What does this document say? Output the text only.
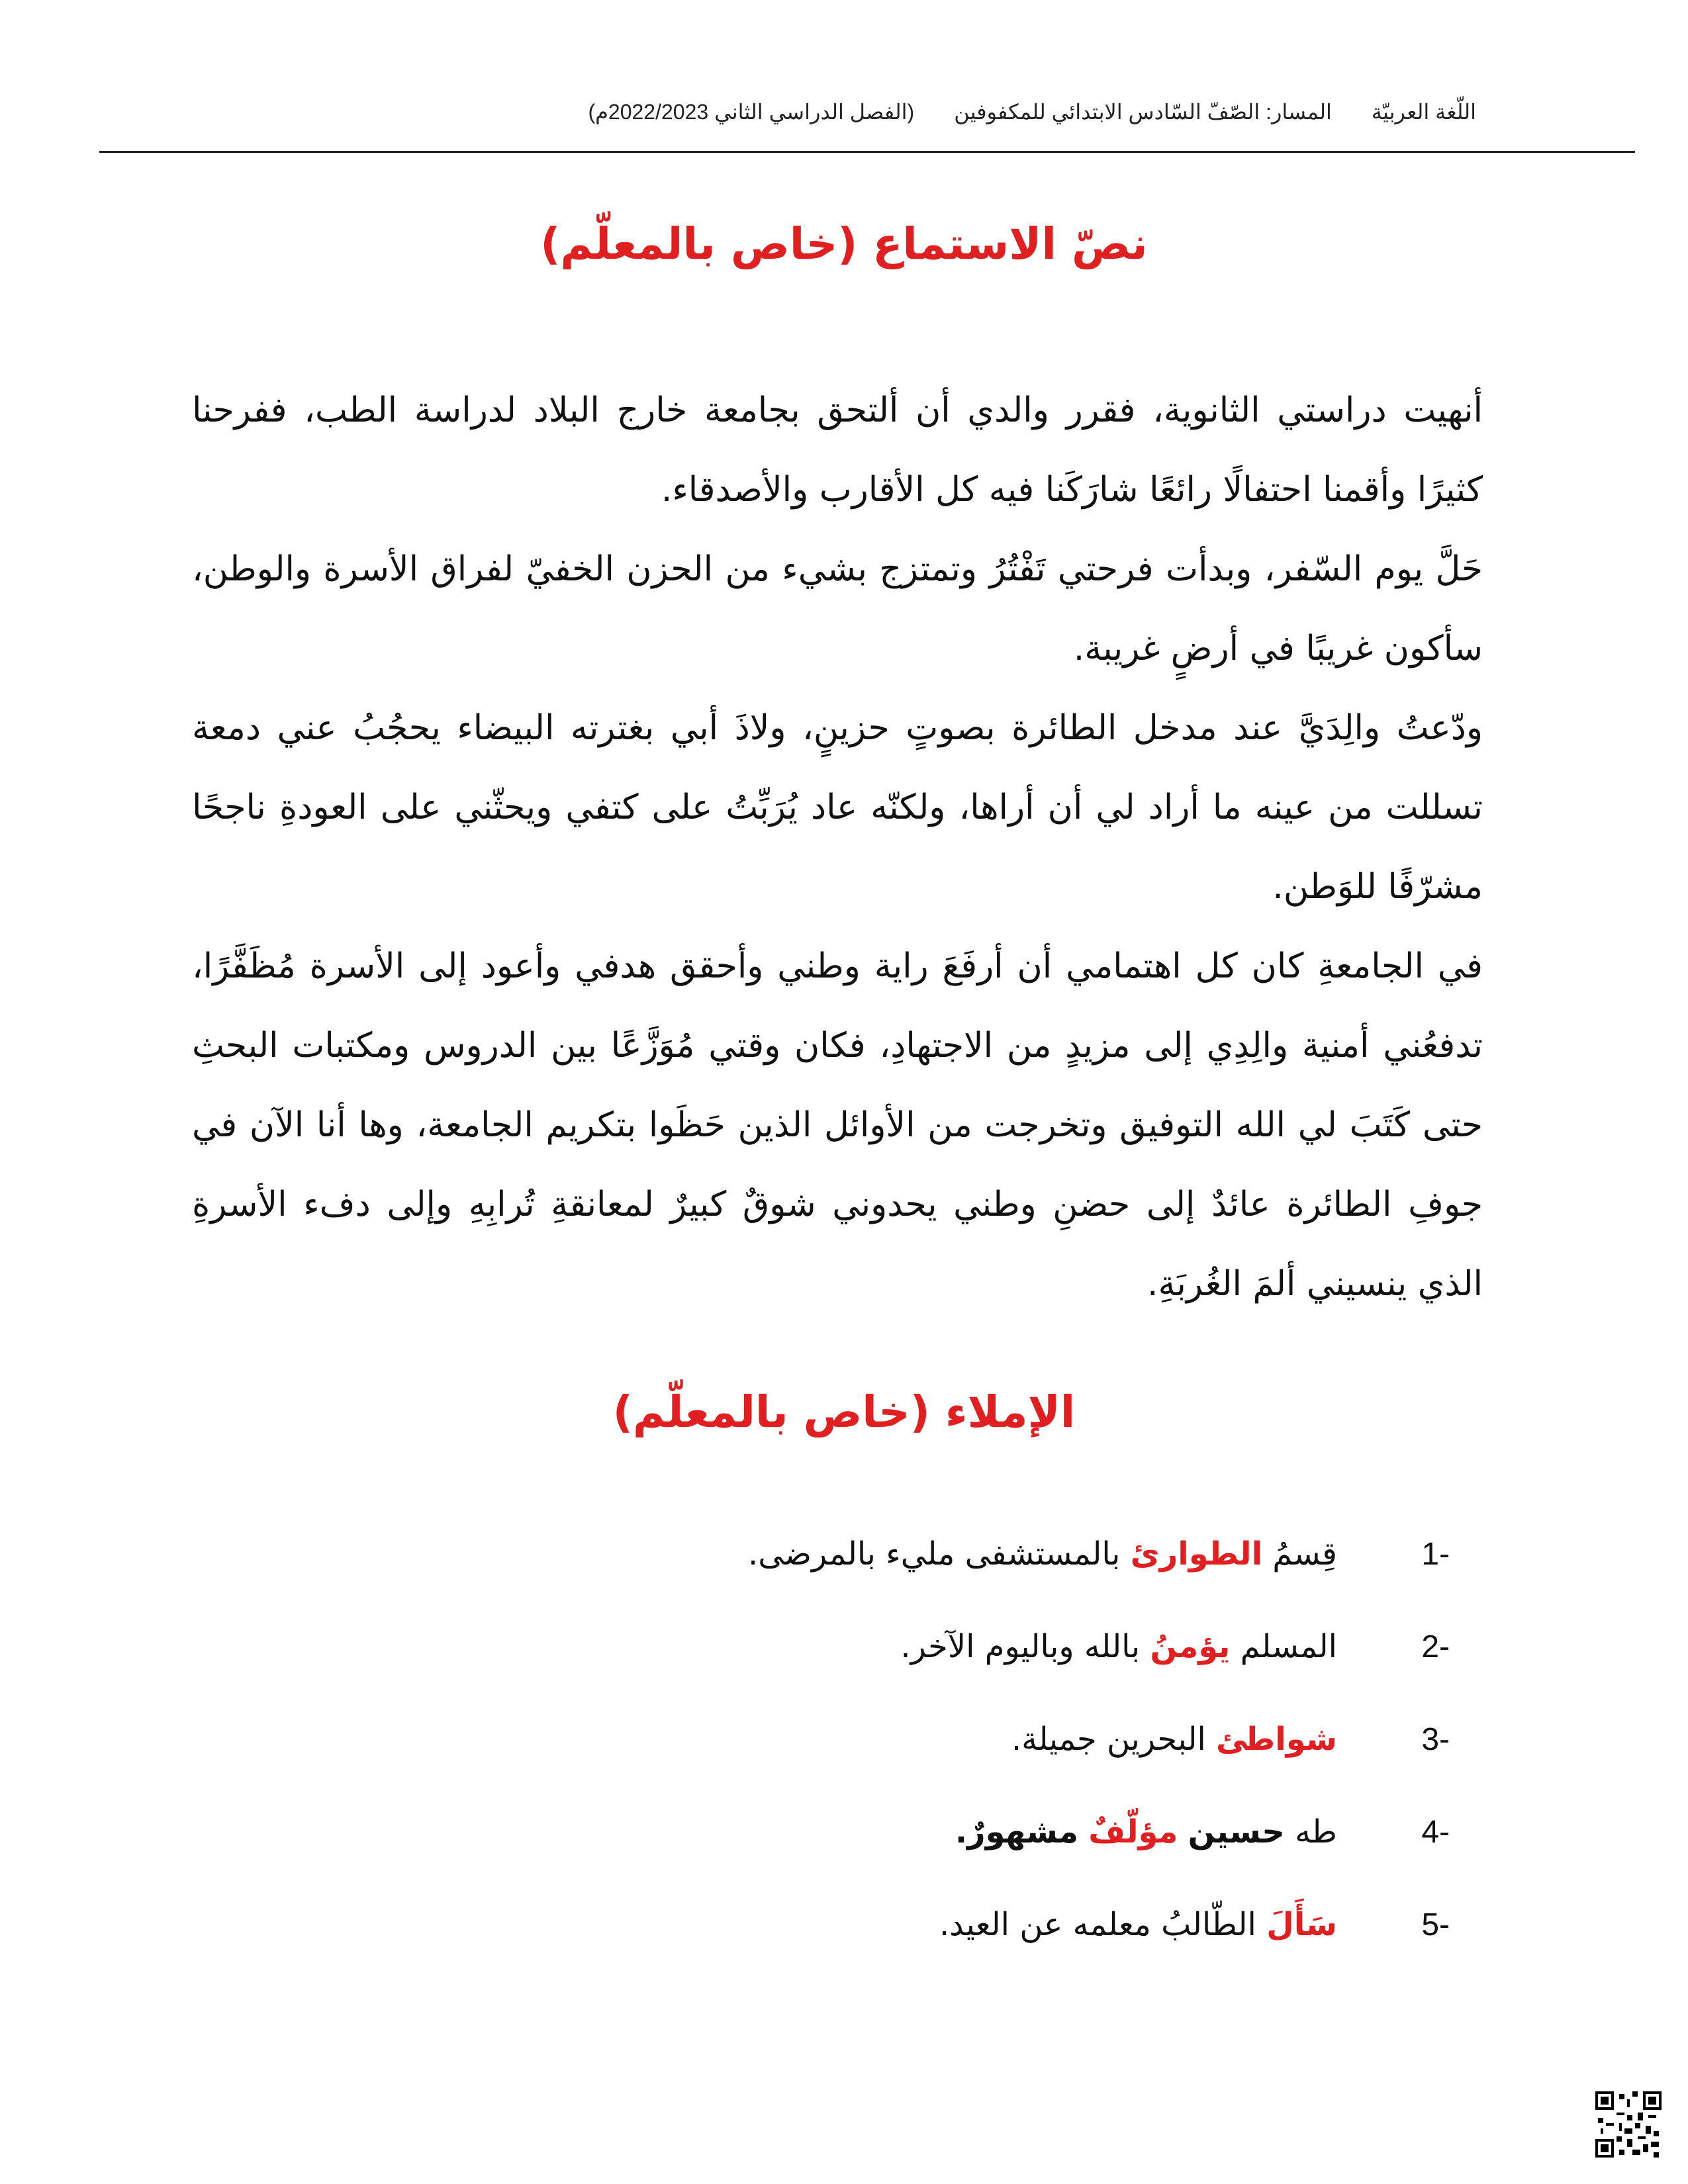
اللّغة العربيّة
المسار: الصّفّ السّادس الابتدائي للمكفوفين
(الفصل الدراسي الثاني 2022/2023م)
نصّ الاستماع (خاص بالمعلّم)

أنهيت دراستي الثانوية، فقرر والدي أن ألتحق بجامعة خارج البلاد لدراسة الطب، ففرحنا كثيرًا وأقمنا احتفالًا رائعًا شارَكَنا فيه كل الأقارب والأصدقاء.

حَلَّ يوم السّفر، وبدأت فرحتي تَفْتُرُ وتمتزج بشيء من الحزن الخفيّ لفراق الأسرة والوطن، سأكون غريبًا في أرضٍ غريبة.

ودّعتُ والِدَيَّ عند مدخل الطائرة بصوتٍ حزينٍ، ولاذَ أبي بغترته البيضاء يحجُبُ عني دمعة تسللت من عينه ما أراد لي أن أراها، ولكنّه عاد يُرَبِّتُ على كتفي ويحثّني على العودةِ ناجحًا مشرّفًا للوَطن.

في الجامعةِ كان كل اهتمامي أن أرفَعَ راية وطني وأحقق هدفي وأعود إلى الأسرة مُظَفَّرًا، تدفعُني أمنية والِدِي إلى مزيدٍ من الاجتهادِ، فكان وقتي مُوَزَّعًا بين الدروس ومكتبات البحثِ حتى كَتَبَ لي الله التوفيق وتخرجت من الأوائل الذين حَظَوا بتكريم الجامعة، وها أنا الآن في جوفِ الطائرة عائدٌ إلى حضنِ وطني يحدوني شوقٌ كبيرٌ لمعانقةِ تُرابِهِ وإلى دفء الأسرةِ الذي ينسيني ألمَ الغُربَةِ.

الإملاء (خاص بالمعلّم)
-1
قِسمُ الطوارئ بالمستشفى مليء بالمرضى.
-2
المسلم يؤمنُ بالله وباليوم الآخر.
-3
شواطئ البحرين جميلة.
-4
طه حسين مؤلّفٌ مشهورٌ.
-5
سَأَلَ الطّالبُ معلمه عن العيد.
